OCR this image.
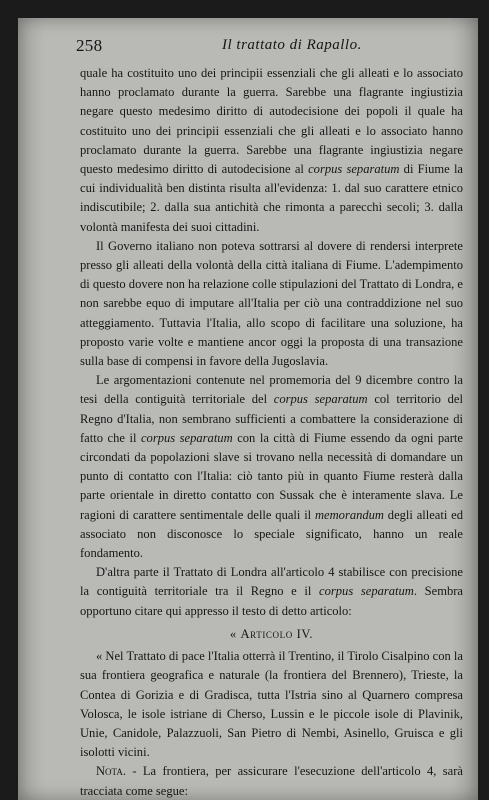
258	Il trattato di Rapallo.

quale ha costituito uno dei principii essenziali che gli alleati e lo associato hanno proclamato durante la guerra. Sarebbe una flagrante ingiustizia negare questo medesimo diritto di autodecisione dei popoli il quale ha costituito uno dei principii essenziali che gli alleati e lo associato hanno proclamato durante la guerra. Sarebbe una flagrante ingiustizia negare questo medesimo diritto di autodecisione al corpus separatum di Fiume la cui individualità ben distinta risulta all'evidenza: 1. dal suo carattere etnico indiscutibile; 2. dalla sua antichità che rimonta a parecchi secoli; 3. dalla volontà manifesta dei suoi cittadini.

Il Governo italiano non poteva sottrarsi al dovere di rendersi interprete presso gli alleati della volontà della città italiana di Fiume. L'adempimento di questo dovere non ha relazione colle stipulazioni del Trattato di Londra, e non sarebbe equo di imputare all'Italia per ciò una contraddizione nel suo atteggiamento. Tuttavia l'Italia, allo scopo di facilitare una soluzione, ha proposto varie volte e mantiene ancor oggi la proposta di una transazione sulla base di compensi in favore della Jugoslavia.

Le argomentazioni contenute nel promemoria del 9 dicembre contro la tesi della contiguità territoriale del corpus separatum col territorio del Regno d'Italia, non sembrano sufficienti a combattere la considerazione di fatto che il corpus separatum con la città di Fiume essendo da ogni parte circondati da popolazioni slave si trovano nella necessità di domandare un punto di contatto con l'Italia: ciò tanto più in quanto Fiume resterà dalla parte orientale in diretto contatto con Sussak che è interamente slava. Le ragioni di carattere sentimentale delle quali il memorandum degli alleati ed associato non disconosce lo speciale significato, hanno un reale fondamento.

D'altra parte il Trattato di Londra all'articolo 4 stabilisce con precisione la contiguità territoriale tra il Regno e il corpus separatum. Sembra opportuno citare qui appresso il testo di detto articolo:

« Articolo IV.

« Nel Trattato di pace l'Italia otterrà il Trentino, il Tirolo Cisalpino con la sua frontiera geografica e naturale (la frontiera del Brennero), Trieste, la Contea di Gorizia e di Gradisca, tutta l'Istria sino al Quarnero compresa Volosca, le isole istriane di Cherso, Lussin e le piccole isole di Plavinik, Unie, Canidole, Palazzuoli, San Pietro di Nembi, Asinello, Gruisca e gli isolotti vicini.

Nota. - La frontiera, per assicurare l'esecuzione dell'articolo 4, sarà tracciata come segue:
